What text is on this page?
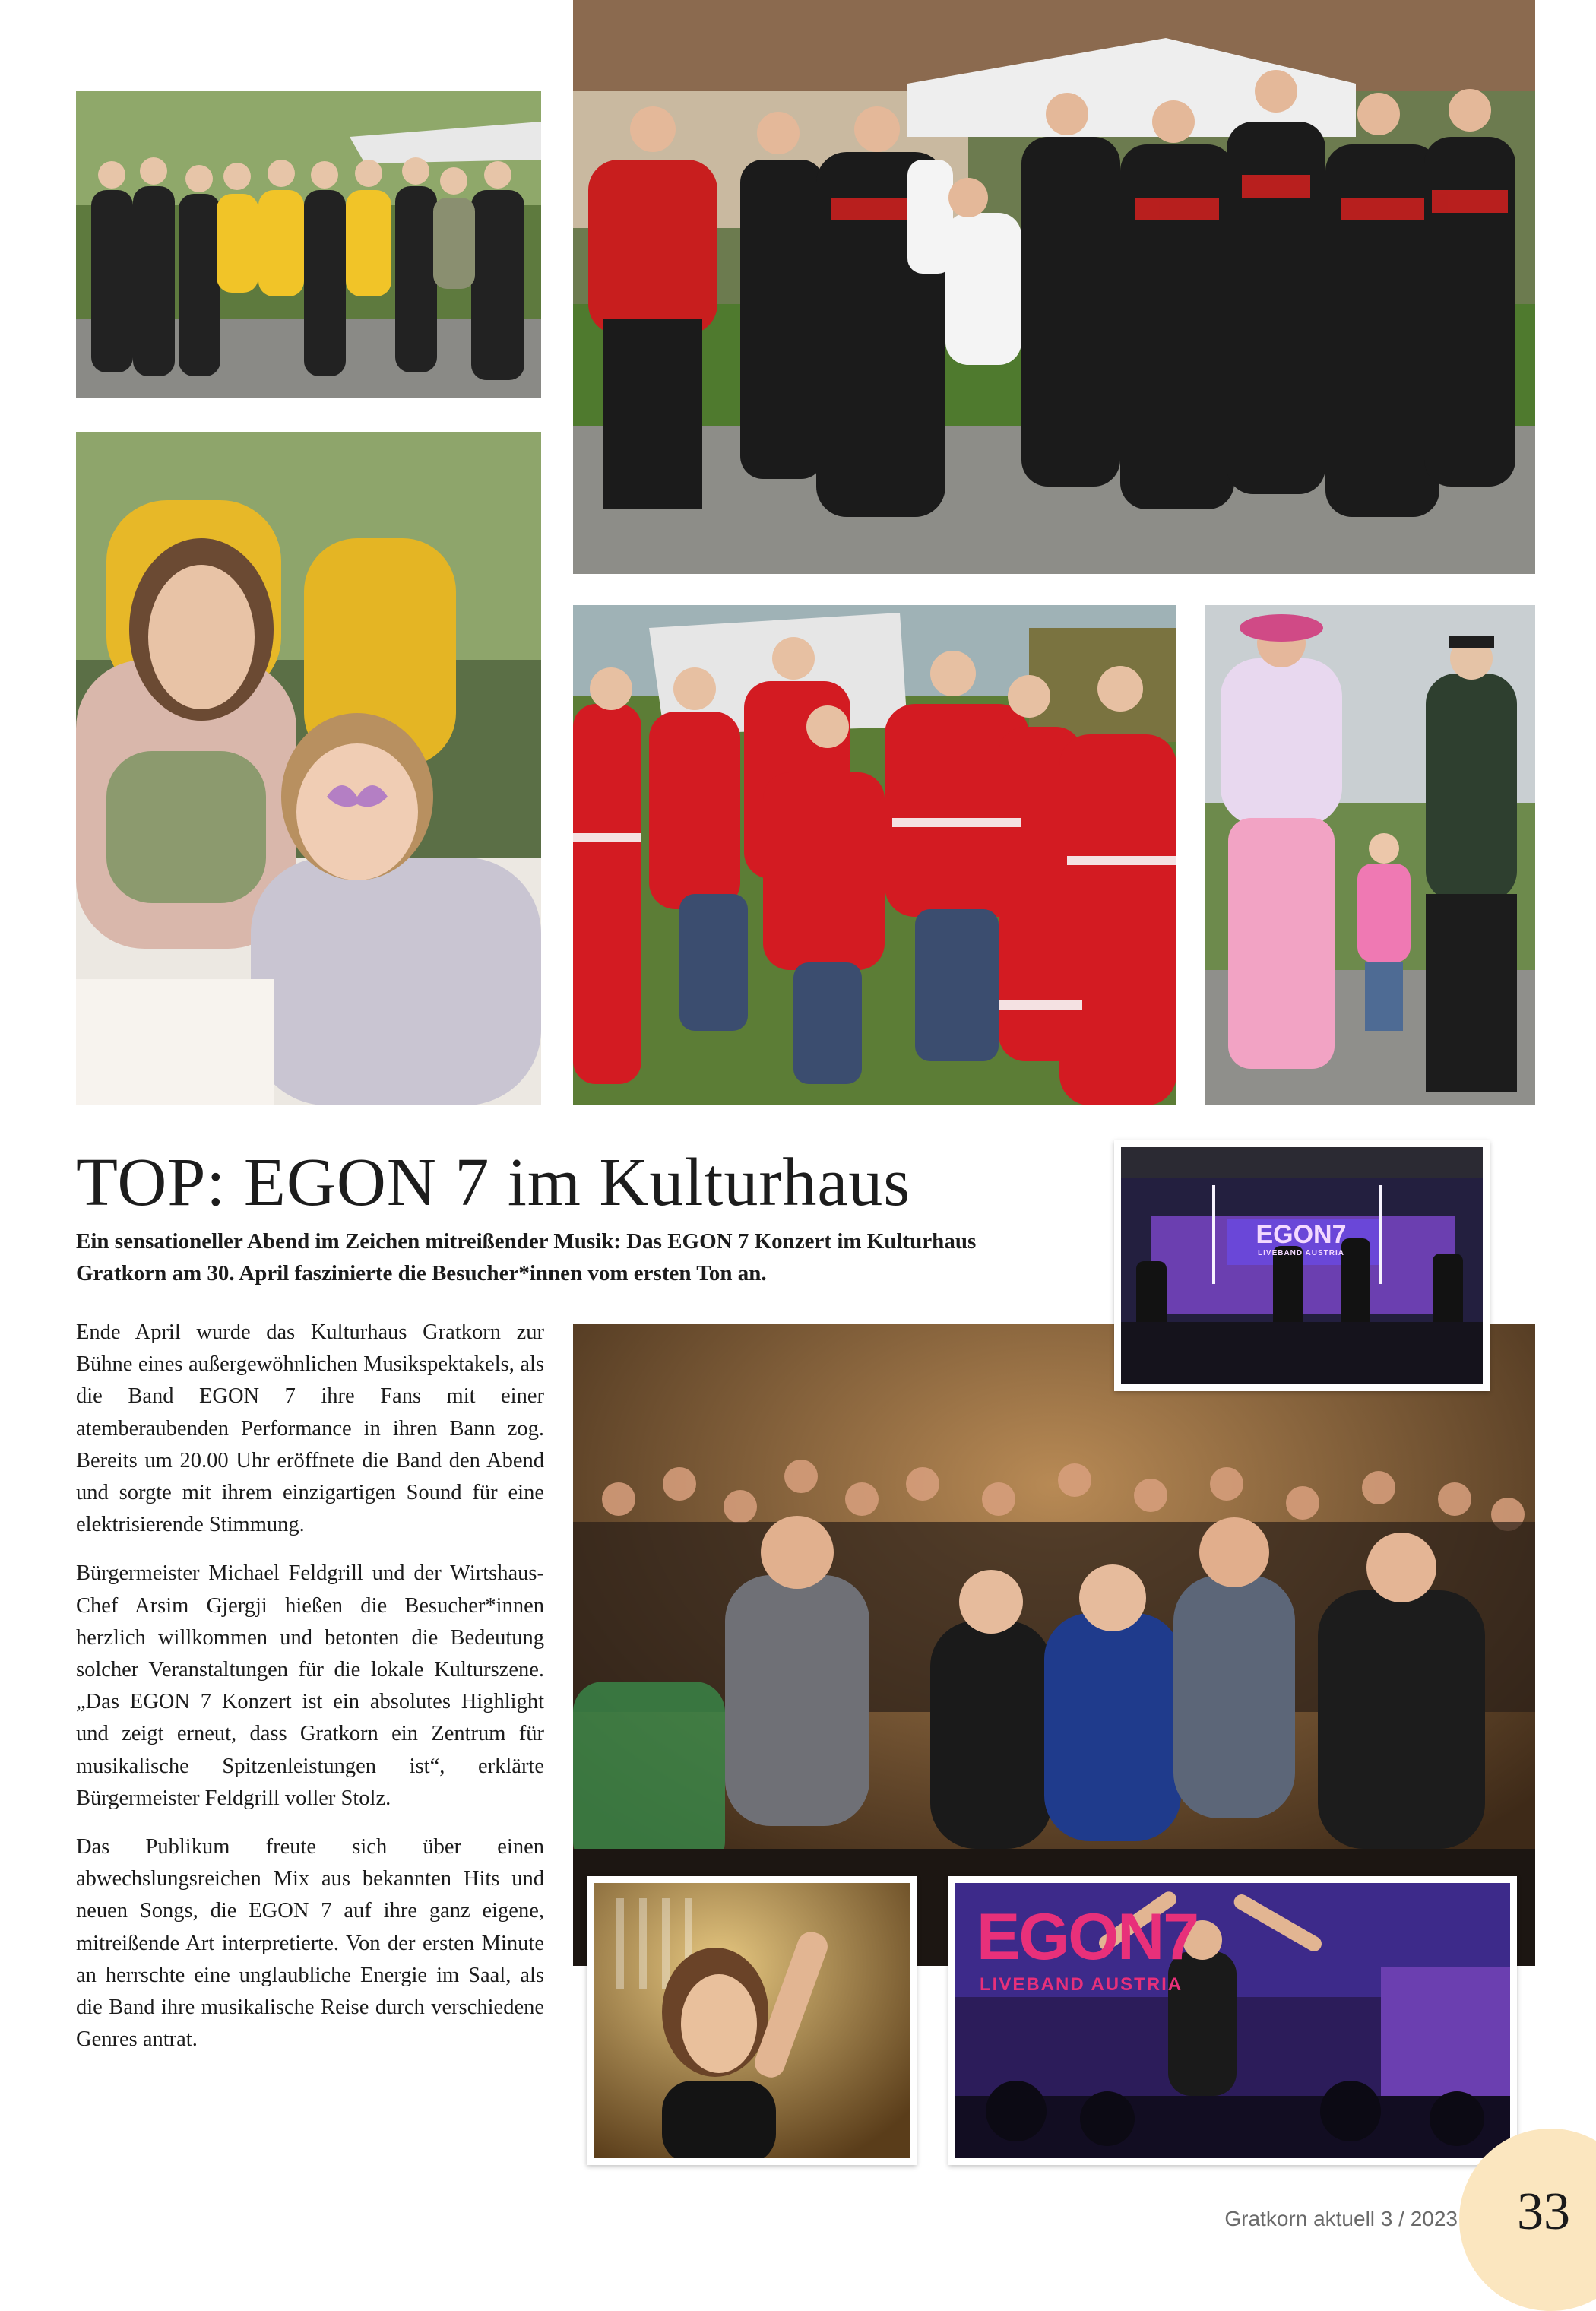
TOP: EGON 7 im Kulturhaus

Ein sensationeller Abend im Zeichen mitreißender Musik: Das EGON 7 Konzert im Kulturhaus Gratkorn am 30. April faszinierte die Besucher*innen vom ersten Ton an.

Ende April wurde das Kulturhaus Gratkorn zur Bühne eines außergewöhnlichen Musikspektakels, als die Band EGON 7 ihre Fans mit einer atemberaubenden Performance in ihren Bann zog. Bereits um 20.00 Uhr eröffnete die Band den Abend und sorgte mit ihrem einzigartigen Sound für eine elektrisierende Stimmung.

Bürgermeister Michael Feldgrill und der Wirtshaus-Chef Arsim Gjergji hießen die Besucher*innen herzlich willkommen und betonten die Bedeutung solcher Veranstaltungen für die lokale Kulturszene. „Das EGON 7 Konzert ist ein absolutes Highlight und zeigt erneut, dass Gratkorn ein Zentrum für musikalische Spitzenleistungen ist“, erklärte Bürgermeister Feldgrill voller Stolz.

Das Publikum freute sich über einen abwechslungsreichen Mix aus bekannten Hits und neuen Songs, die EGON 7 auf ihre ganz eigene, mitreißende Art interpretierte. Von der ersten Minute an herrschte eine unglaubliche Energie im Saal, als die Band ihre musikalische Reise durch verschiedene Genres antrat.

EGON7
LIVEBAND AUSTRIA
EGON7
LIVEBAND AUSTRIA
Gratkorn aktuell 3 / 2023 33
